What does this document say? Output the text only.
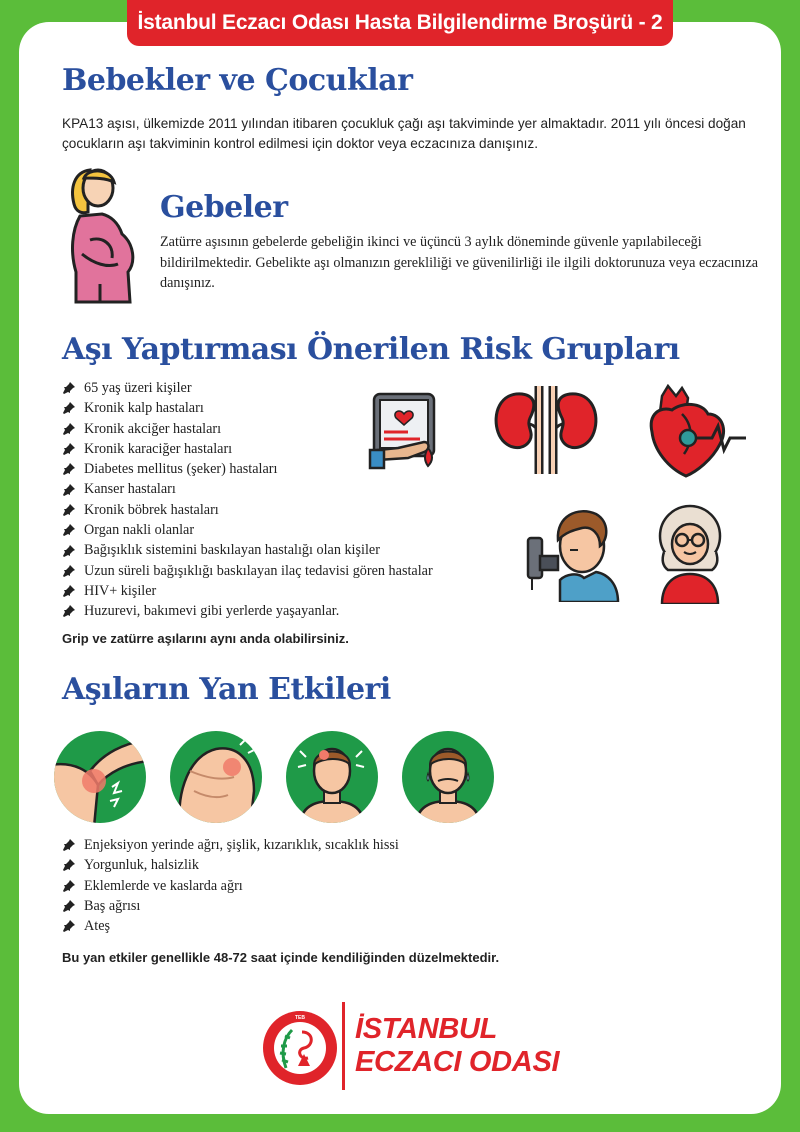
İstanbul Eczacı Odası Hasta Bilgilendirme Broşürü - 2
Bebekler ve Çocuklar

KPA13 aşısı, ülkemizde 2011 yılından itibaren çocukluk çağı aşı takviminde yer almaktadır. 2011 yılı öncesi doğan çocukların aşı takviminin kontrol edilmesi için doktor veya eczacınıza danışınız.

Gebeler

Zatürre aşısının gebelerde gebeliğin ikinci ve üçüncü 3 aylık döneminde güvenle yapılabileceği bildirilmektedir. Gebelikte aşı olmanızın gerekliliği ve güvenilirliği ile ilgili doktorunuza veya eczacınıza danışınız.

Aşı Yaptırması Önerilen Risk Grupları
65 yaş üzeri kişiler
Kronik kalp hastaları
Kronik akciğer hastaları
Kronik karaciğer hastaları
Diabetes mellitus (şeker) hastaları
Kanser hastaları
Kronik böbrek hastaları
Organ nakli olanlar
Bağışıklık sistemini baskılayan hastalığı olan kişiler
Uzun süreli bağışıklığı baskılayan ilaç tedavisi gören hastalar
HIV+ kişiler
Huzurevi, bakımevi gibi yerlerde yaşayanlar.

Grip ve zatürre aşılarını aynı anda olabilirsiniz.

Aşıların Yan Etkileri
Enjeksiyon yerinde ağrı, şişlik, kızarıklık, sıcaklık hissi
Yorgunluk, halsizlik
Eklemlerde ve kaslarda ağrı
Baş ağrısı
Ateş

Bu yan etkiler genellikle 48-72 saat içinde kendiliğinden düzelmektedir.

TEB İSTANBUL
ECZACI ODASI
